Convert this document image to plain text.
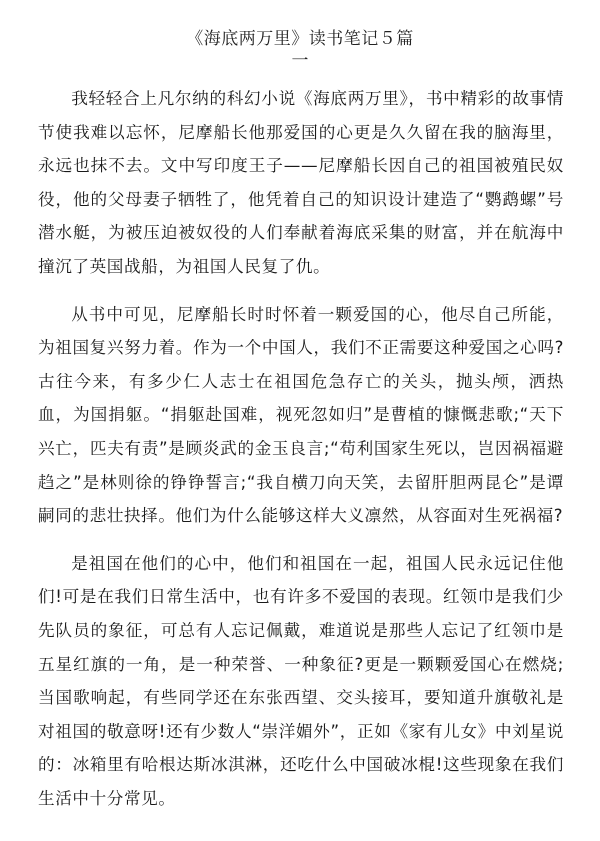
《海底两万里》读书笔记５篇
一

我轻轻合上凡尔纳的科幻小说《海底两万里》，书中精彩的故事情节使我难以忘怀，尼摩船长他那爱国的心更是久久留在我的脑海里，永远也抹不去。文中写印度王子——尼摩船长因自己的祖国被殖民奴役，他的父母妻子牺牲了，他凭着自己的知识设计建造了“鹦鹉螺”号潜水艇，为被压迫被奴役的人们奉献着海底采集的财富，并在航海中撞沉了英国战船，为祖国人民复了仇。

从书中可见，尼摩船长时时怀着一颗爱国的心，他尽自己所能，为祖国复兴努力着。作为一个中国人，我们不正需要这种爱国之心吗?古往今来，有多少仁人志士在祖国危急存亡的关头，抛头颅，洒热血，为国捐躯。“捐躯赴国难，视死忽如归”是曹植的慷慨悲歌;“天下兴亡，匹夫有责”是顾炎武的金玉良言;“苟利国家生死以，岂因祸福避趋之”是林则徐的铮铮誓言;“我自横刀向天笑，去留肝胆两昆仑”是谭嗣同的悲壮抉择。他们为什么能够这样大义凛然，从容面对生死祸福?

是祖国在他们的心中，他们和祖国在一起，祖国人民永远记住他们!可是在我们日常生活中，也有许多不爱国的表现。红领巾是我们少先队员的象征，可总有人忘记佩戴，难道说是那些人忘记了红领巾是五星红旗的一角，是一种荣誉、一种象征?更是一颗颗爱国心在燃烧;当国歌响起，有些同学还在东张西望、交头接耳，要知道升旗敬礼是对祖国的敬意呀!还有少数人“崇洋媚外”，正如《家有儿女》中刘星说的：冰箱里有哈根达斯冰淇淋，还吃什么中国破冰棍!这些现象在我们生活中十分常见。
